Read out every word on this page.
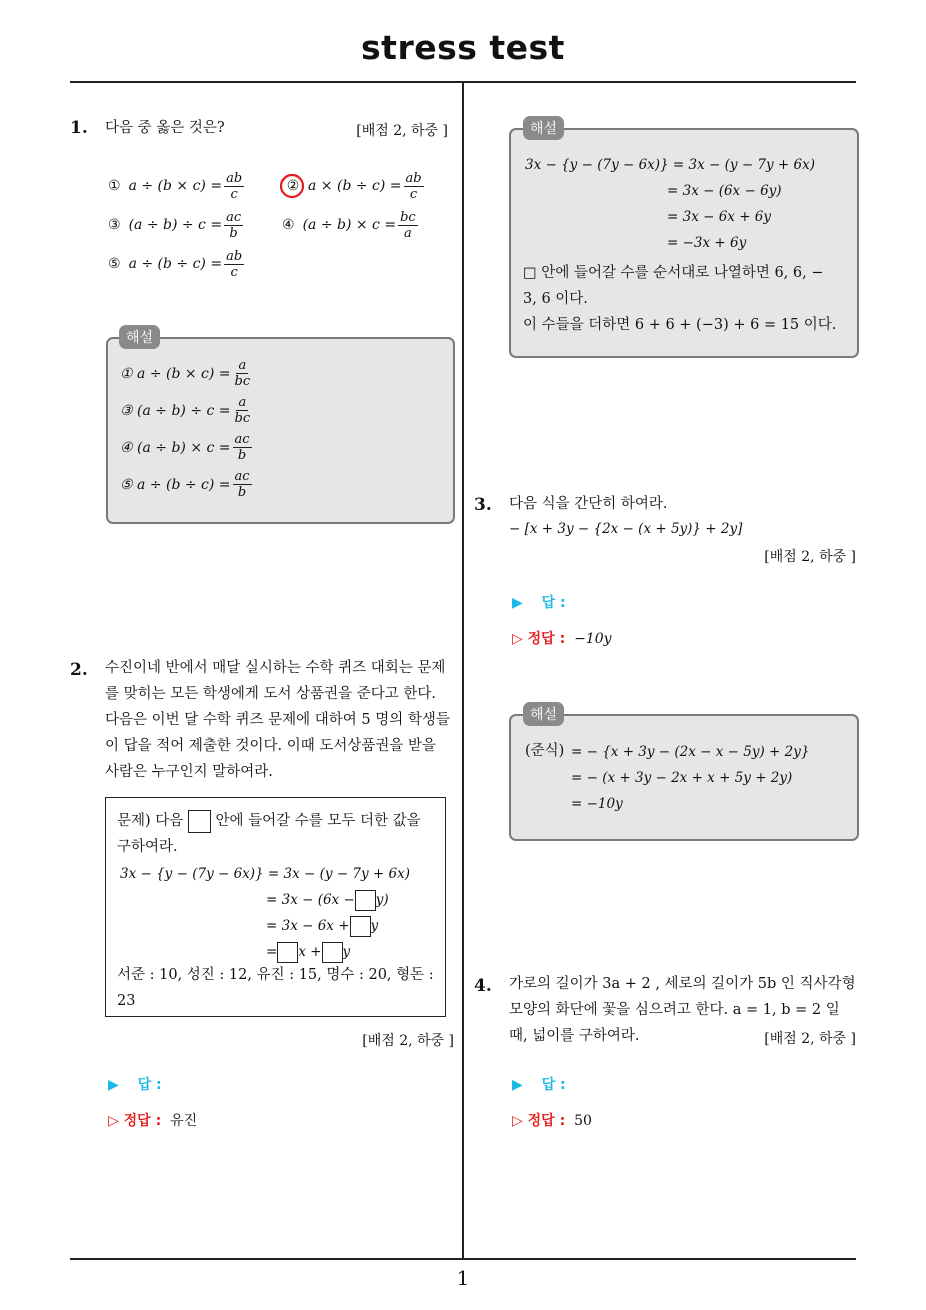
stress test
1
1. 다음 중 옳은 것은?	[배점 2, 하중 ]
① $a \div (b \times c) = \frac{ab}{c}$	② $a \times (b \div c) = \frac{ab}{c}$
③ $(a \div b) \div c = \frac{ac}{b}$	④ $(a \div b) \times c = \frac{bc}{a}$
⑤ $a \div (b \div c) = \frac{ab}{c}$
① $a \div (b \times c) = \frac{a}{bc}$
③ $(a \div b) \div c = \frac{a}{bc}$
④ $(a \div b) \times c = \frac{ac}{b}$
⑤ $a \div (b \div c) = \frac{ac}{b}$
해설
2. 수진이네 반에서 매달 실시하는 수학 퀴즈 대회는 문제
를 맞히는 모든 학생에게 도서 상품권을 준다고 한다.
다음은 이번 달 수학 퀴즈 문제에 대하여 5 명의 학생들
이 답을 적어 제출한 것이다. 이때 도서상품권을 받을
사람은 누구인지 말하여라.
문제) 다음 안에 들어갈 수를 모두 더한 값을
구하여라.
3x − {y − (7y − 6x)} = 3x − (y − 7y + 6x)
= 3x − (6x − y)
= 3x − 6x + y
= x + y
서준 : 10, 성진 : 12, 유진 : 15, 명수 : 20, 형돈 :
23
[배점 2, 하중 ]
▶ 답 :
▷ 정답 : 유진
3x − {y − (7y − 6x)} = 3x − (y − 7y + 6x)
= 3x − (6x − 6y)
= 3x − 6x + 6y
= −3x + 6y
□ 안에 들어갈 수를 순서대로 나열하면 6, 6, −
3, 6 이다.
이 수들을 더하면 6 + 6 + (−3) + 6 = 15 이다.
해설
3. 다음 식을 간단히 하여라.
− [x + 3y − {2x − (x + 5y)} + 2y]
[배점 2, 하중 ]
▶ 답 :
▷ 정답 : −10y
(준식) = − {x + 3y − (2x − x − 5y) + 2y}
= − (x + 3y − 2x + x + 5y + 2y)
= −10y
해설
4. 가로의 길이가 3a + 2 , 세로의 길이가 5b 인 직사각형
모양의 화단에 꽃을 심으려고 한다. a = 1, b = 2 일
때, 넓이를 구하여라.	[배점 2, 하중 ]
▶ 답 :
▷ 정답 : 50
